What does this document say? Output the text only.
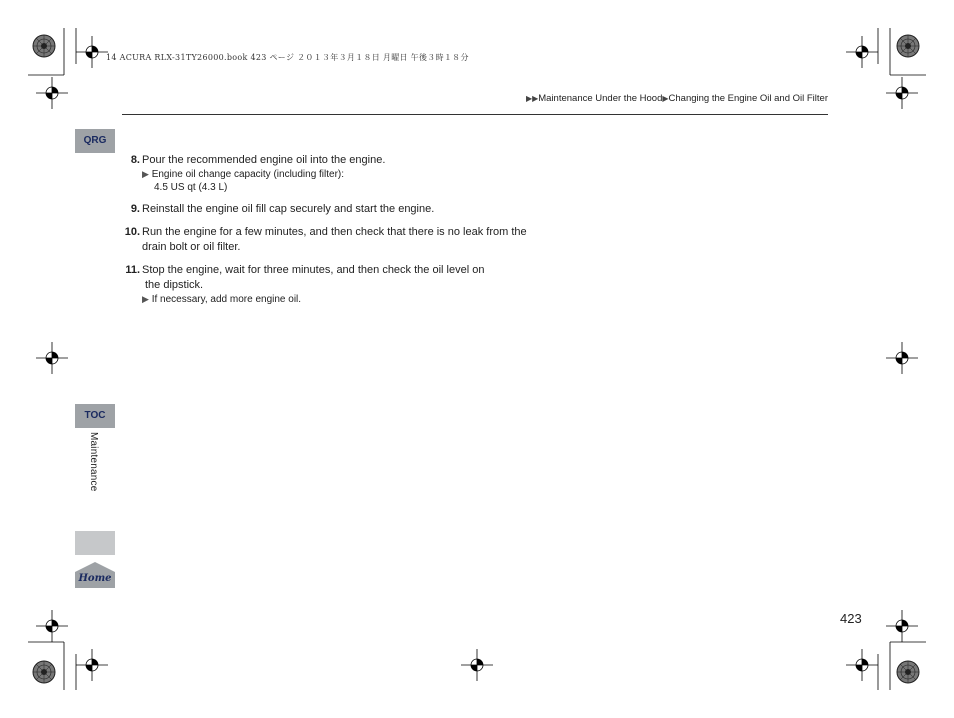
14 ACURA RLX-31TY26000.book 423 ページ ２０１３年３月１８日 月曜日 午後３時１８分
▶▶Maintenance Under the Hood▶Changing the Engine Oil and Oil Filter
QRG
TOC
Maintenance
Home
8. Pour the recommended engine oil into the engine.

▶ Engine oil change capacity (including filter):
4.5 US qt (4.3 L)
9. Reinstall the engine oil fill cap securely and start the engine.

10. Run the engine for a few minutes, and then check that there is no leak from the

drain bolt or oil filter.

11. Stop the engine, wait for three minutes, and then check the oil level on

the dipstick.

▶ If necessary, add more engine oil.
423
